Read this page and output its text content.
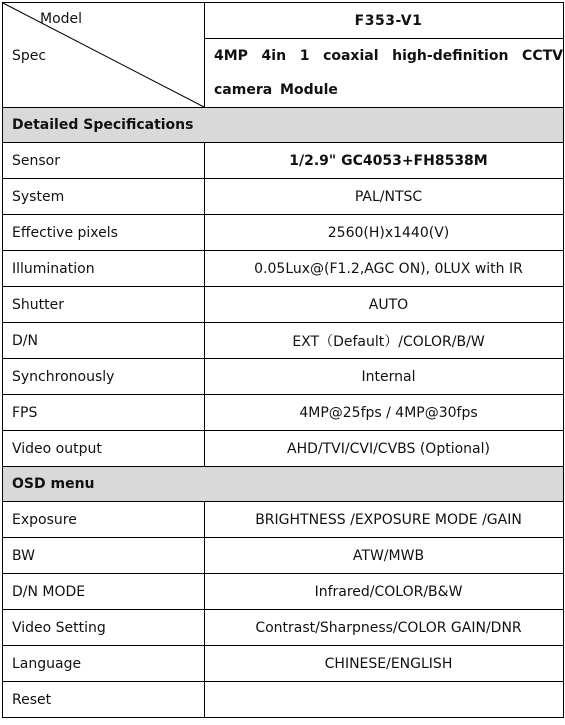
Model
Spec	F353-V1
	4MP 4in 1 coaxial high-definition CCTV camera Module
Detailed Specifications	
Sensor	1/2.9" GC4053+FH8538M
System	PAL/NTSC
Effective pixels	2560(H)x1440(V)
Illumination	0.05Lux@(F1.2,AGC ON), 0LUX with IR
Shutter	AUTO
D/N	EXT（Default）/COLOR/B/W
Synchronously	Internal
FPS	4MP@25fps / 4MP@30fps
Video output	AHD/TVI/CVI/CVBS (Optional)
OSD menu	
Exposure	BRIGHTNESS /EXPOSURE MODE /GAIN
BW	ATW/MWB
D/N MODE	Infrared/COLOR/B&W
Video Setting	Contrast/Sharpness/COLOR GAIN/DNR
Language	CHINESE/ENGLISH
Reset	
